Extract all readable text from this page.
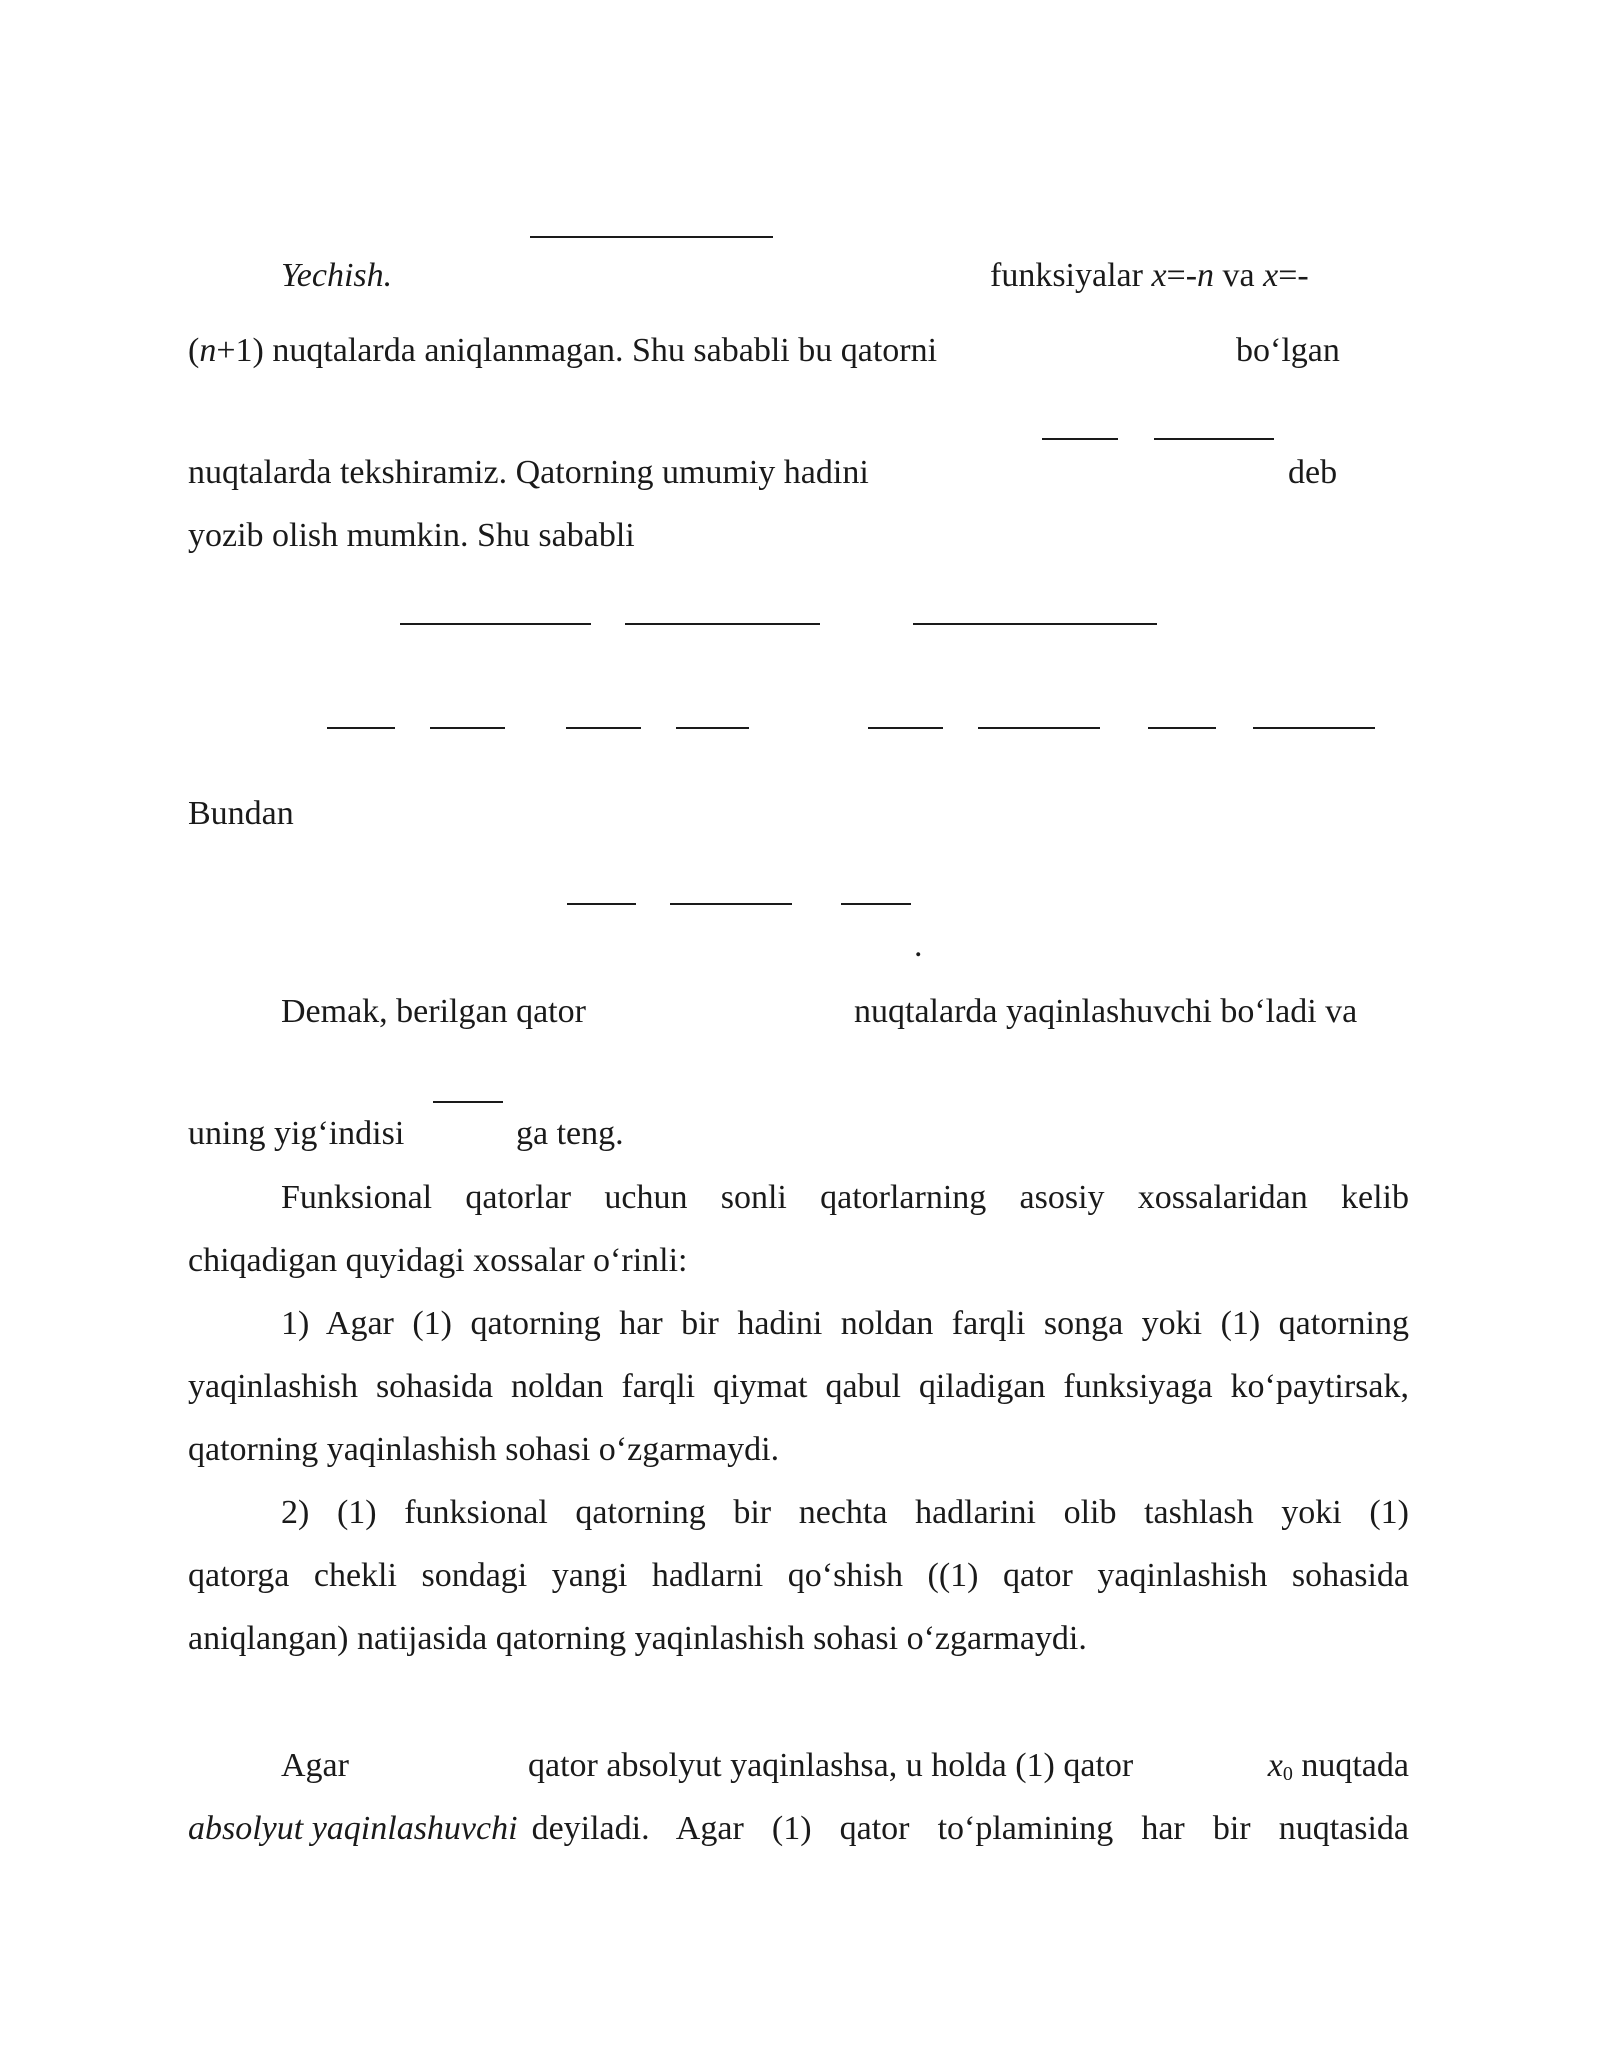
Yechish.	funksiyalar x=-n va x=-
(n+1) nuqtalarda aniqlanmagan. Shu sababli bu qatorni	bo‘lgan
nuqtalarda tekshiramiz. Qatorning umumiy hadini	deb
yozib olish mumkin. Shu sababli
Bundan
.
Demak, berilgan qator	nuqtalarda yaqinlashuvchi bo‘ladi va
uning yig‘indisi	ga teng.
Funksional qatorlar uchun sonli qatorlarning asosiy xossalaridan kelib
chiqadigan quyidagi xossalar o‘rinli:
1) Agar (1) qatorning har bir hadini noldan farqli songa yoki (1) qatorning
yaqinlashish sohasida noldan farqli qiymat qabul qiladigan funksiyaga ko‘paytirsak,
qatorning yaqinlashish sohasi o‘zgarmaydi.
2) (1) funksional qatorning bir nechta hadlarini olib tashlash yoki (1)
qatorga chekli sondagi yangi hadlarni qo‘shish ((1) qator yaqinlashish sohasida
aniqlangan) natijasida qatorning yaqinlashish sohasi o‘zgarmaydi.
Agar	qator absolyut yaqinlashsa, u holda (1) qator	$x_0$ nuqtada
absolyut yaqinlashuvchi deyiladi. Agar (1) qator to‘plamining har bir nuqtasida
